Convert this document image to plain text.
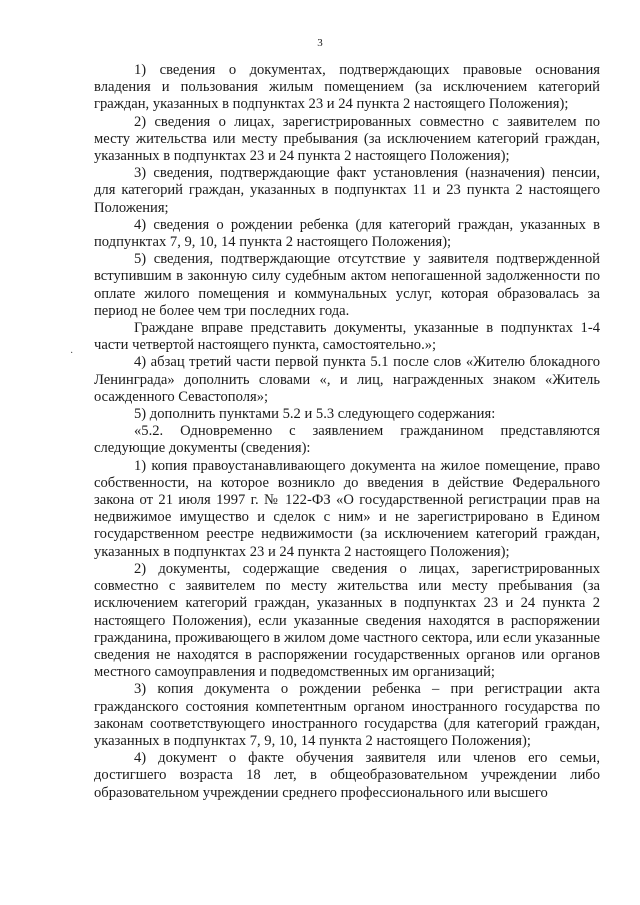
3
·

1) сведения о документах, подтверждающих правовые основания владения и пользования жилым помещением (за исключением категорий граждан, указанных в подпунктах 23 и 24 пункта 2 настоящего Положения);

2) сведения о лицах, зарегистрированных совместно с заявителем по месту жительства или месту пребывания (за исключением категорий граждан, указанных в подпунктах 23 и 24 пункта 2 настоящего Положения);

3) сведения, подтверждающие факт установления (назначения) пенсии, для категорий граждан, указанных в подпунктах 11 и 23 пункта 2 настоящего Положения;

4) сведения о рождении ребенка (для категорий граждан, указанных в подпунктах 7, 9, 10, 14 пункта 2 настоящего Положения);

5) сведения, подтверждающие отсутствие у заявителя подтвержденной вступившим в законную силу судебным актом непогашенной задолженности по оплате жилого помещения и коммунальных услуг, которая образовалась за период не более чем три последних года.

Граждане вправе представить документы, указанные в подпунктах 1-4 части четвертой настоящего пункта, самостоятельно.»;

4) абзац третий части первой пункта 5.1 после слов «Жителю блокадного Ленинграда» дополнить словами «, и лиц, награжденных знаком «Житель осажденного Севастополя»;

5) дополнить пунктами 5.2 и 5.3 следующего содержания:

«5.2. Одновременно с заявлением гражданином представляются следующие документы (сведения):

1) копия правоустанавливающего документа на жилое помещение, право собственности, на которое возникло до введения в действие Федерального закона от 21 июля 1997 г. № 122-ФЗ «О государственной регистрации прав на недвижимое имущество и сделок с ним» и не зарегистрировано в Едином государственном реестре недвижимости (за исключением категорий граждан, указанных в подпунктах 23 и 24 пункта 2 настоящего Положения);

2) документы, содержащие сведения о лицах, зарегистрированных совместно с заявителем по месту жительства или месту пребывания (за исключением категорий граждан, указанных в подпунктах 23 и 24 пункта 2 настоящего Положения), если указанные сведения находятся в распоряжении гражданина, проживающего в жилом доме частного сектора, или если указанные сведения не находятся в распоряжении государственных органов или органов местного самоуправления и подведомственных им организаций;

3) копия документа о рождении ребенка – при регистрации акта гражданского состояния компетентным органом иностранного государства по законам соответствующего иностранного государства (для категорий граждан, указанных в подпунктах 7, 9, 10, 14 пункта 2 настоящего Положения);

4) документ о факте обучения заявителя или членов его семьи, достигшего возраста 18 лет, в общеобразовательном учреждении либо образовательном учреждении среднего профессионального или высшего
